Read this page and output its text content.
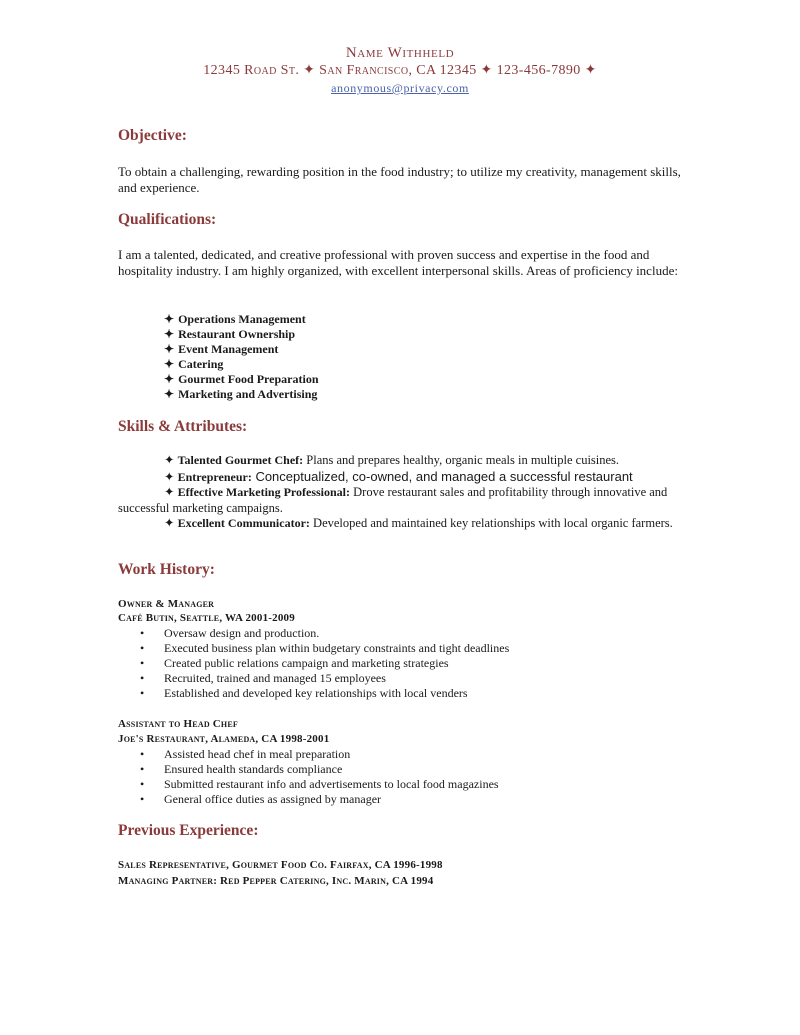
Name Withheld
12345 Road St. ✦ San Francisco, CA 12345 ✦ 123-456-7890 ✦
anonymous@privacy.com
Objective:
To obtain a challenging, rewarding position in the food industry; to utilize my creativity, management skills, and experience.
Qualifications:
I am a talented, dedicated, and creative professional with proven success and expertise in the food and hospitality industry. I am highly organized, with excellent interpersonal skills. Areas of proficiency include:
✦ Operations Management
✦ Restaurant Ownership
✦ Event Management
✦ Catering
✦ Gourmet Food Preparation
✦ Marketing and Advertising
Skills & Attributes:
✦ Talented Gourmet Chef: Plans and prepares healthy, organic meals in multiple cuisines.
✦ Entrepreneur: Conceptualized, co-owned, and managed a successful restaurant
✦ Effective Marketing Professional: Drove restaurant sales and profitability through innovative and successful marketing campaigns.
✦ Excellent Communicator: Developed and maintained key relationships with local organic farmers.
Work History:
Owner & Manager
Café Butin, Seattle, WA 2001-2009
• Oversaw design and production.
• Executed business plan within budgetary constraints and tight deadlines
• Created public relations campaign and marketing strategies
• Recruited, trained and managed 15 employees
• Established and developed key relationships with local venders
Assistant to Head Chef
Joe's Restaurant, Alameda, CA 1998-2001
• Assisted head chef in meal preparation
• Ensured health standards compliance
• Submitted restaurant info and advertisements to local food magazines
• General office duties as assigned by manager
Previous Experience:
Sales Representative, Gourmet Food Co. Fairfax, CA 1996-1998
Managing Partner: Red Pepper Catering, Inc. Marin, CA 1994
